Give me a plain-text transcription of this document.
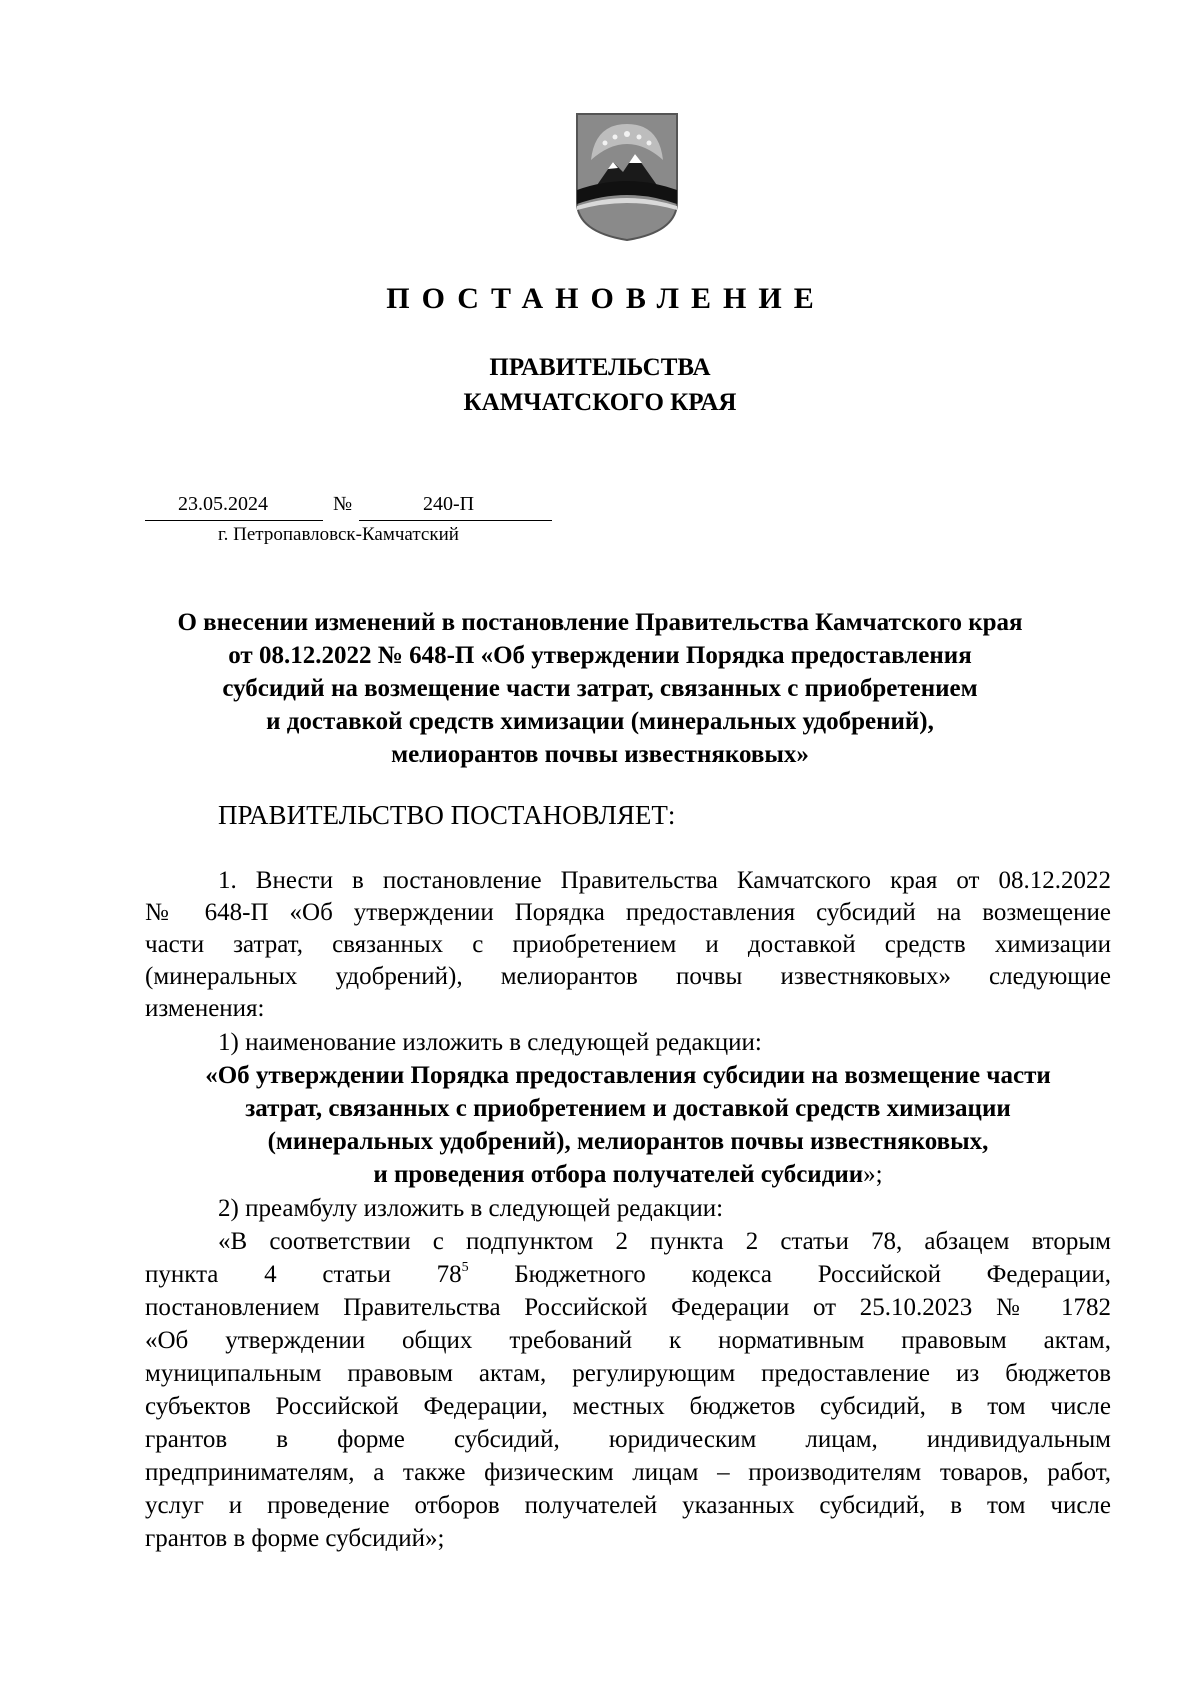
ПОСТАНОВЛЕНИЕ
ПРАВИТЕЛЬСТВА
КАМЧАТСКОГО КРАЯ
23.05.2024	№	240-П
г. Петропавловск-Камчатский
О внесении изменений в постановление Правительства Камчатского края
от 08.12.2022 № 648-П «Об утверждении Порядка предоставления
субсидий на возмещение части затрат, связанных с приобретением
и доставкой средств химизации (минеральных удобрений),
мелиорантов почвы известняковых»
ПРАВИТЕЛЬСТВО ПОСТАНОВЛЯЕТ:
1. Внести в постановление Правительства Камчатского края от 08.12.2022
№ 648-П «Об утверждении Порядка предоставления субсидий на возмещение
части затрат, связанных с приобретением и доставкой средств химизации
(минеральных удобрений), мелиорантов почвы известняковых» следующие
изменения:
1) наименование изложить в следующей редакции:
«Об утверждении Порядка предоставления субсидии на возмещение части
затрат, связанных с приобретением и доставкой средств химизации
(минеральных удобрений), мелиорантов почвы известняковых,
и проведения отбора получателей субсидии»;
2) преамбулу изложить в следующей редакции:
«В соответствии с подпунктом 2 пункта 2 статьи 78, абзацем вторым
пункта 4 статьи $78^5$ Бюджетного кодекса Российской Федерации,
постановлением Правительства Российской Федерации от 25.10.2023 № 1782
«Об утверждении общих требований к нормативным правовым актам,
муниципальным правовым актам, регулирующим предоставление из бюджетов
субъектов Российской Федерации, местных бюджетов субсидий, в том числе
грантов в форме субсидий, юридическим лицам, индивидуальным
предпринимателям, а также физическим лицам – производителям товаров, работ,
услуг и проведение отборов получателей указанных субсидий, в том числе
грантов в форме субсидий»;
